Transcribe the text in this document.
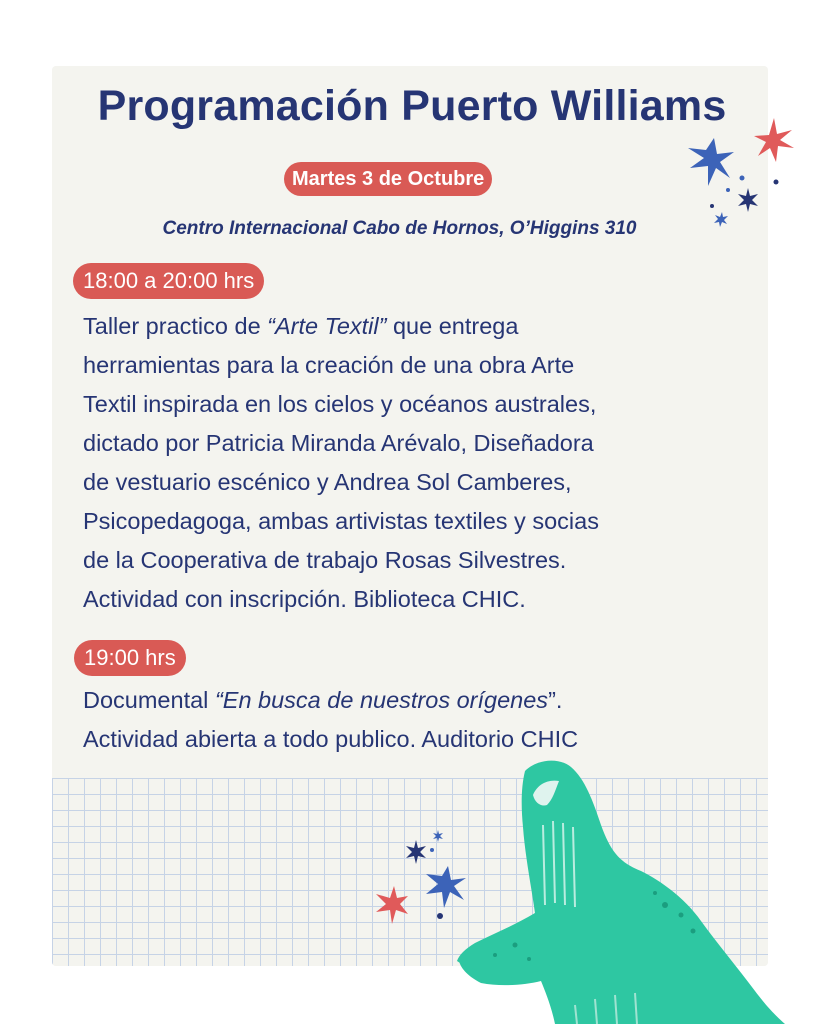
Programación Puerto Williams
Martes 3 de Octubre
Centro Internacional Cabo de Hornos, O’Higgins 310
18:00 a 20:00 hrs
Taller practico de “Arte Textil” que entrega
herramientas para la creación de una obra Arte
Textil inspirada en los cielos y océanos australes,
dictado por Patricia Miranda Arévalo, Diseñadora
de vestuario escénico y Andrea Sol Camberes,
Psicopedagoga, ambas artivistas textiles y socias
de la Cooperativa de trabajo Rosas Silvestres.
Actividad con inscripción. Biblioteca CHIC.
19:00 hrs
Documental “En busca de nuestros orígenes”.
Actividad abierta a todo publico. Auditorio CHIC
